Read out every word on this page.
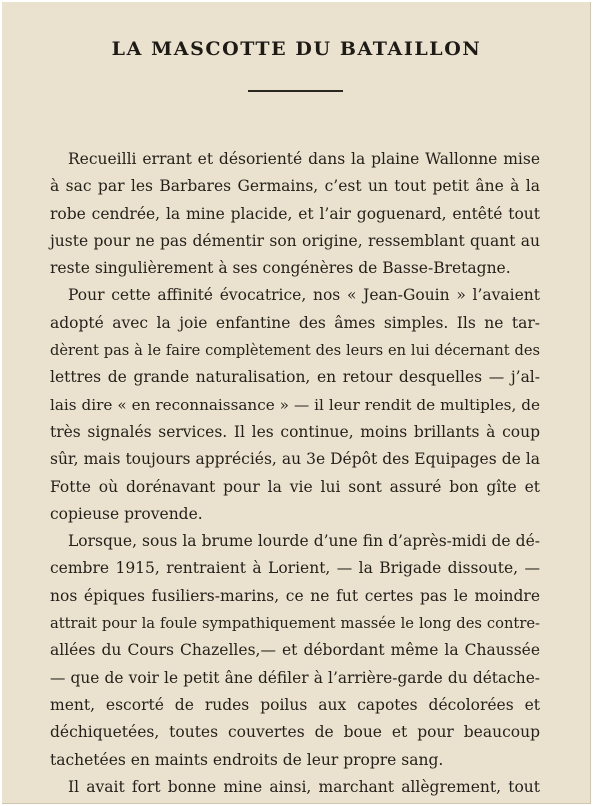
LA MASCOTTE DU BATAILLON

Recueilli errant et désorienté dans la plaine Wallonne mise
à sac par les Barbares Germains, c’est un tout petit âne à la
robe cendrée, la mine placide, et l’air goguenard, entêté tout
juste pour ne pas démentir son origine, ressemblant quant au
reste singulièrement à ses congénères de Basse-Bretagne.

Pour cette affinité évocatrice, nos « Jean-Gouin » l’avaient
adopté avec la joie enfantine des âmes simples. Ils ne tar-
dèrent pas à le faire complètement des leurs en lui décernant des
lettres de grande naturalisation, en retour desquelles — j’al-
lais dire « en reconnaissance » — il leur rendit de multiples, de
très signalés services. Il les continue, moins brillants à coup
sûr, mais toujours appréciés, au 3e Dépôt des Equipages de la
Fotte où dorénavant pour la vie lui sont assuré bon gîte et
copieuse provende.

Lorsque, sous la brume lourde d’une fin d’après-midi de dé-
cembre 1915, rentraient à Lorient, — la Brigade dissoute, —
nos épiques fusiliers-marins, ce ne fut certes pas le moindre
attrait pour la foule sympathiquement massée le long des contre-
allées du Cours Chazelles,— et débordant même la Chaussée
— que de voir le petit âne défiler à l’arrière-garde du détache-
ment, escorté de rudes poilus aux capotes décolorées et
déchiquetées, toutes couvertes de boue et pour beaucoup
tachetées en maints endroits de leur propre sang.

Il avait fort bonne mine ainsi, marchant allègrement, tout
